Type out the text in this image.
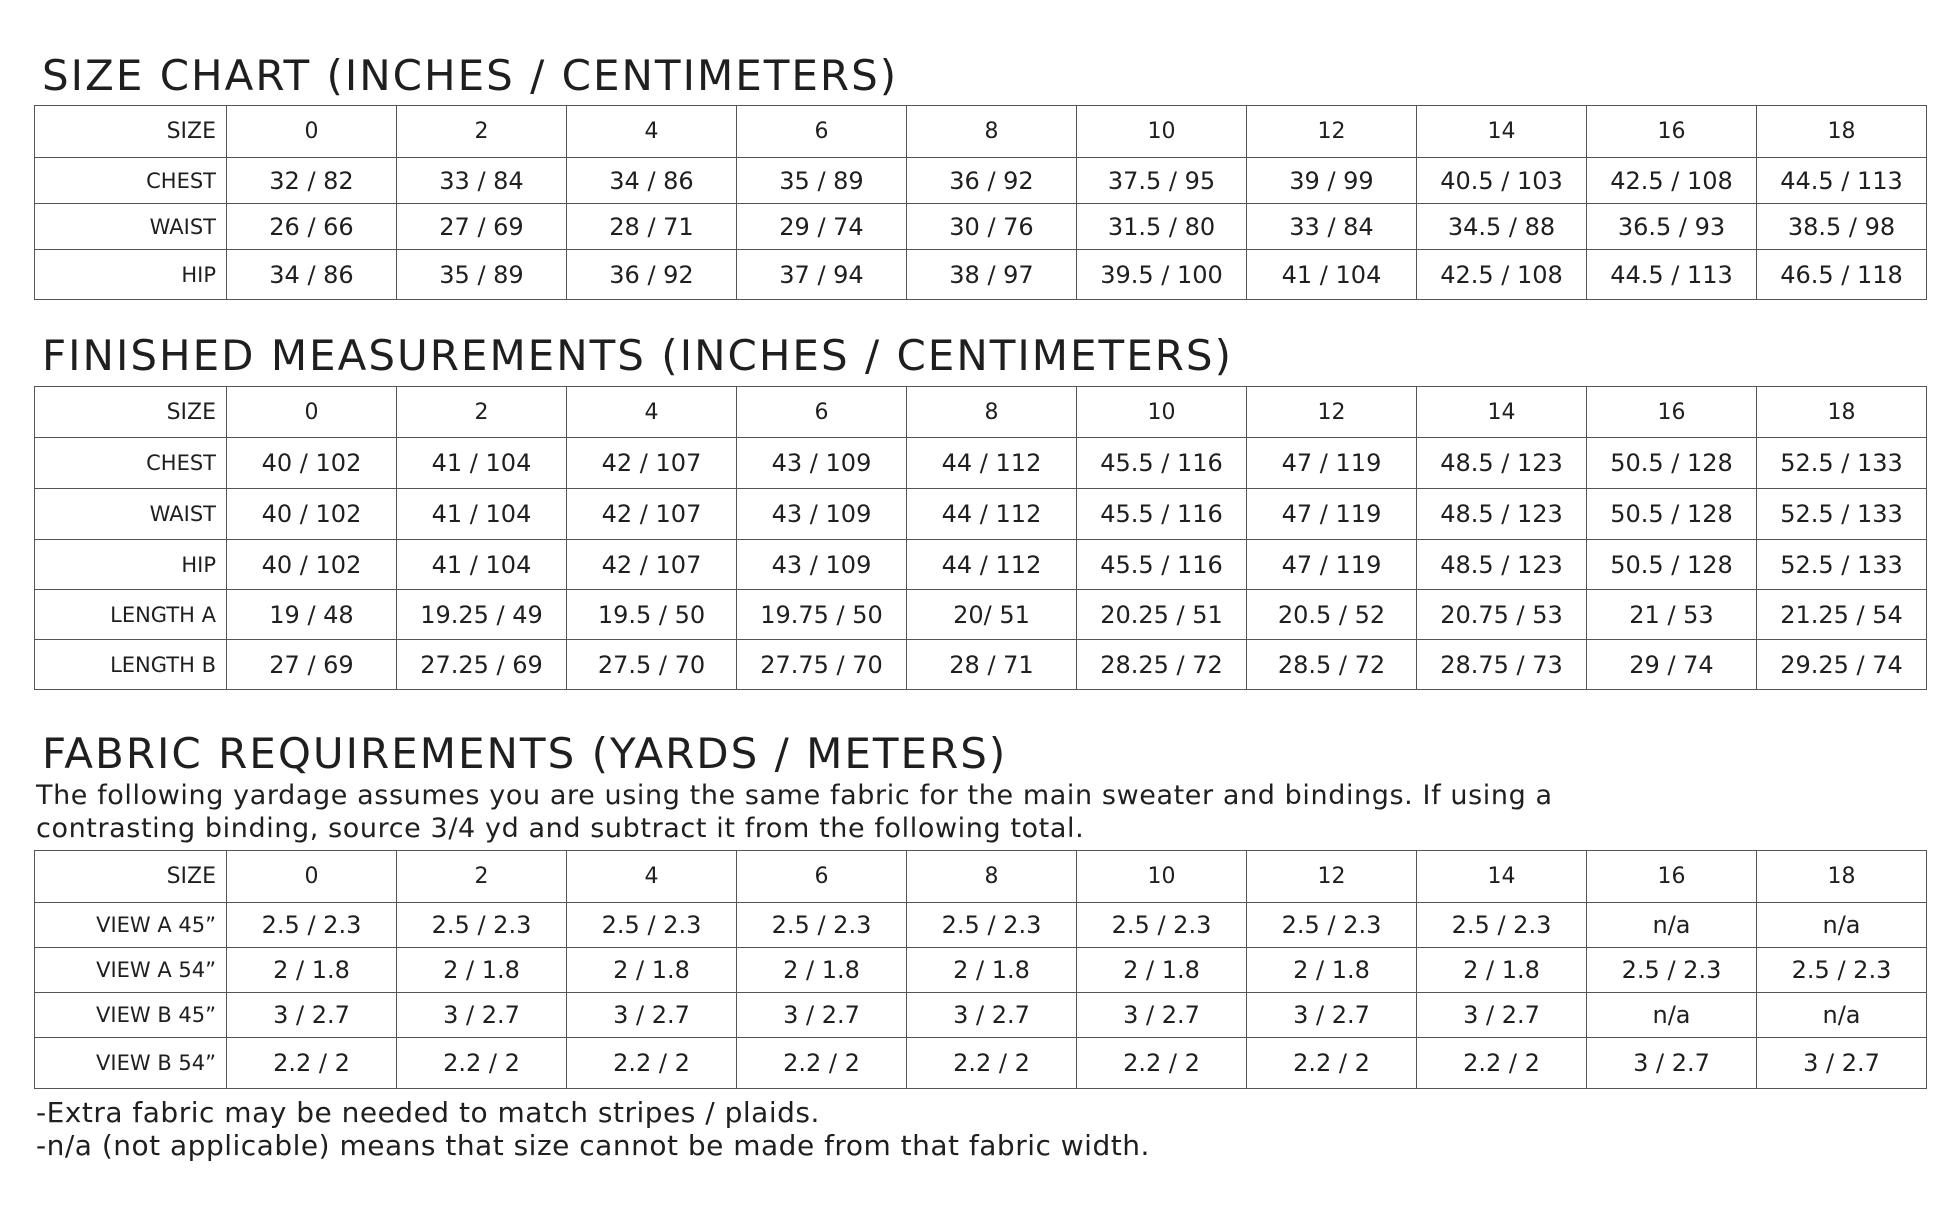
SIZE CHART (INCHES / CENTIMETERS)
SIZE	0	2	4	6	8	10	12	14	16	18
CHEST	32 / 82	33 / 84	34 / 86	35 / 89	36 / 92	37.5 / 95	39 / 99	40.5 / 103	42.5 / 108	44.5 / 113
WAIST	26 / 66	27 / 69	28 / 71	29 / 74	30 / 76	31.5 / 80	33 / 84	34.5 / 88	36.5 / 93	38.5 / 98
HIP	34 / 86	35 / 89	36 / 92	37 / 94	38 / 97	39.5 / 100	41 / 104	42.5 / 108	44.5 / 113	46.5 / 118
FINISHED MEASUREMENTS (INCHES / CENTIMETERS)
SIZE	0	2	4	6	8	10	12	14	16	18
CHEST	40 / 102	41 / 104	42 / 107	43 / 109	44 / 112	45.5 / 116	47 / 119	48.5 / 123	50.5 / 128	52.5 / 133
WAIST	40 / 102	41 / 104	42 / 107	43 / 109	44 / 112	45.5 / 116	47 / 119	48.5 / 123	50.5 / 128	52.5 / 133
HIP	40 / 102	41 / 104	42 / 107	43 / 109	44 / 112	45.5 / 116	47 / 119	48.5 / 123	50.5 / 128	52.5 / 133
LENGTH A	19 / 48	19.25 / 49	19.5 / 50	19.75 / 50	20/ 51	20.25 / 51	20.5 / 52	20.75 / 53	21 / 53	21.25 / 54
LENGTH B	27 / 69	27.25 / 69	27.5 / 70	27.75 / 70	28 / 71	28.25 / 72	28.5 / 72	28.75 / 73	29 / 74	29.25 / 74
FABRIC REQUIREMENTS (YARDS / METERS)

The following yardage assumes you are using the same fabric for the main sweater and bindings. If using a
contrasting binding, source 3/4 yd and subtract it from the following total.

SIZE	0	2	4	6	8	10	12	14	16	18
VIEW A 45”	2.5 / 2.3	2.5 / 2.3	2.5 / 2.3	2.5 / 2.3	2.5 / 2.3	2.5 / 2.3	2.5 / 2.3	2.5 / 2.3	n/a	n/a
VIEW A 54”	2 / 1.8	2 / 1.8	2 / 1.8	2 / 1.8	2 / 1.8	2 / 1.8	2 / 1.8	2 / 1.8	2.5 / 2.3	2.5 / 2.3
VIEW B 45”	3 / 2.7	3 / 2.7	3 / 2.7	3 / 2.7	3 / 2.7	3 / 2.7	3 / 2.7	3 / 2.7	n/a	n/a
VIEW B 54”	2.2 / 2	2.2 / 2	2.2 / 2	2.2 / 2	2.2 / 2	2.2 / 2	2.2 / 2	2.2 / 2	3 / 2.7	3 / 2.7

-Extra fabric may be needed to match stripes / plaids.
-n/a (not applicable) means that size cannot be made from that fabric width.
